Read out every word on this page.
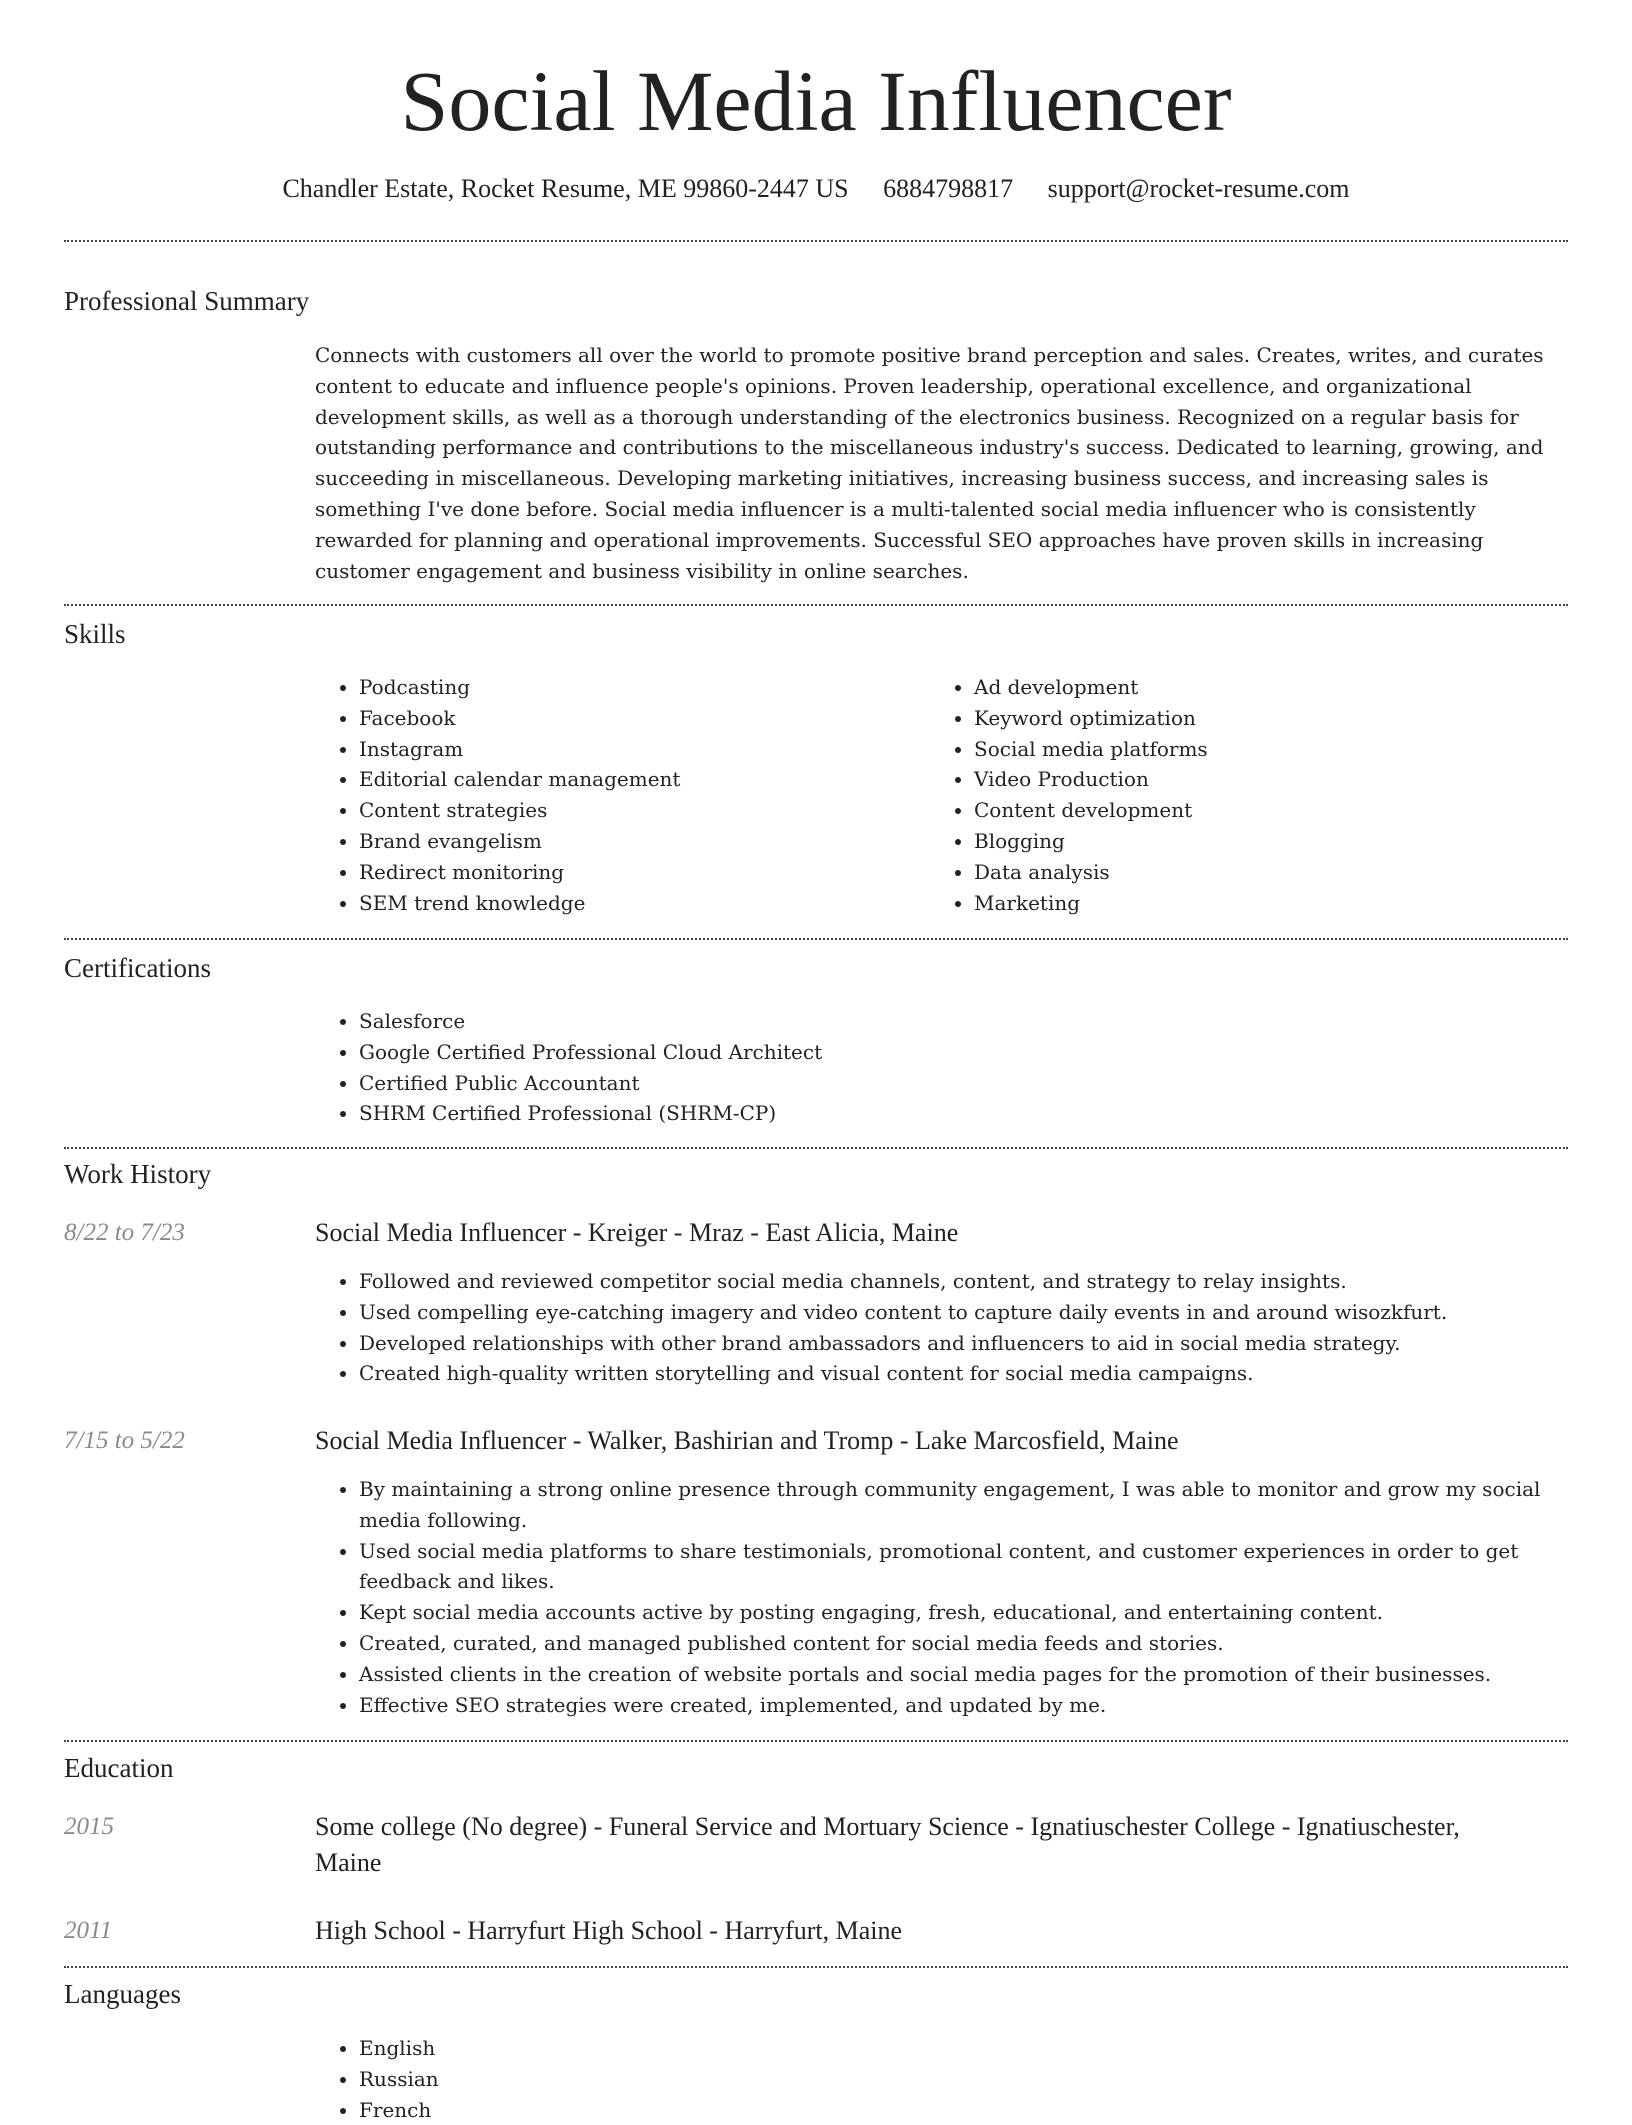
Social Media Influencer
Chandler Estate, Rocket Resume, ME 99860-2447 US 6884798817 support@rocket-resume.com
Professional Summary
Connects with customers all over the world to promote positive brand perception and sales. Creates, writes, and curates content to educate and influence people's opinions. Proven leadership, operational excellence, and organizational development skills, as well as a thorough understanding of the electronics business. Recognized on a regular basis for outstanding performance and contributions to the miscellaneous industry's success. Dedicated to learning, growing, and succeeding in miscellaneous. Developing marketing initiatives, increasing business success, and increasing sales is something I've done before. Social media influencer is a multi-talented social media influencer who is consistently rewarded for planning and operational improvements. Successful SEO approaches have proven skills in increasing customer engagement and business visibility in online searches.
Skills
• Podcasting
• Facebook
• Instagram
• Editorial calendar management
• Content strategies
• Brand evangelism
• Redirect monitoring
• SEM trend knowledge
• Ad development
• Keyword optimization
• Social media platforms
• Video Production
• Content development
• Blogging
• Data analysis
• Marketing
Certifications
• Salesforce
• Google Certified Professional Cloud Architect
• Certified Public Accountant
• SHRM Certified Professional (SHRM-CP)
Work History
8/22 to 7/23	Social Media Influencer - Kreiger - Mraz - East Alicia, Maine
• Followed and reviewed competitor social media channels, content, and strategy to relay insights.
• Used compelling eye-catching imagery and video content to capture daily events in and around wisozkfurt.
• Developed relationships with other brand ambassadors and influencers to aid in social media strategy.
• Created high-quality written storytelling and visual content for social media campaigns.
7/15 to 5/22	Social Media Influencer - Walker, Bashirian and Tromp - Lake Marcosfield, Maine
• By maintaining a strong online presence through community engagement, I was able to monitor and grow my social media following.
• Used social media platforms to share testimonials, promotional content, and customer experiences in order to get feedback and likes.
• Kept social media accounts active by posting engaging, fresh, educational, and entertaining content.
• Created, curated, and managed published content for social media feeds and stories.
• Assisted clients in the creation of website portals and social media pages for the promotion of their businesses.
• Effective SEO strategies were created, implemented, and updated by me.
Education
2015	Some college (No degree) - Funeral Service and Mortuary Science - Ignatiuschester College - Ignatiuschester, Maine
2011	High School - Harryfurt High School - Harryfurt, Maine
Languages
• English
• Russian
• French
